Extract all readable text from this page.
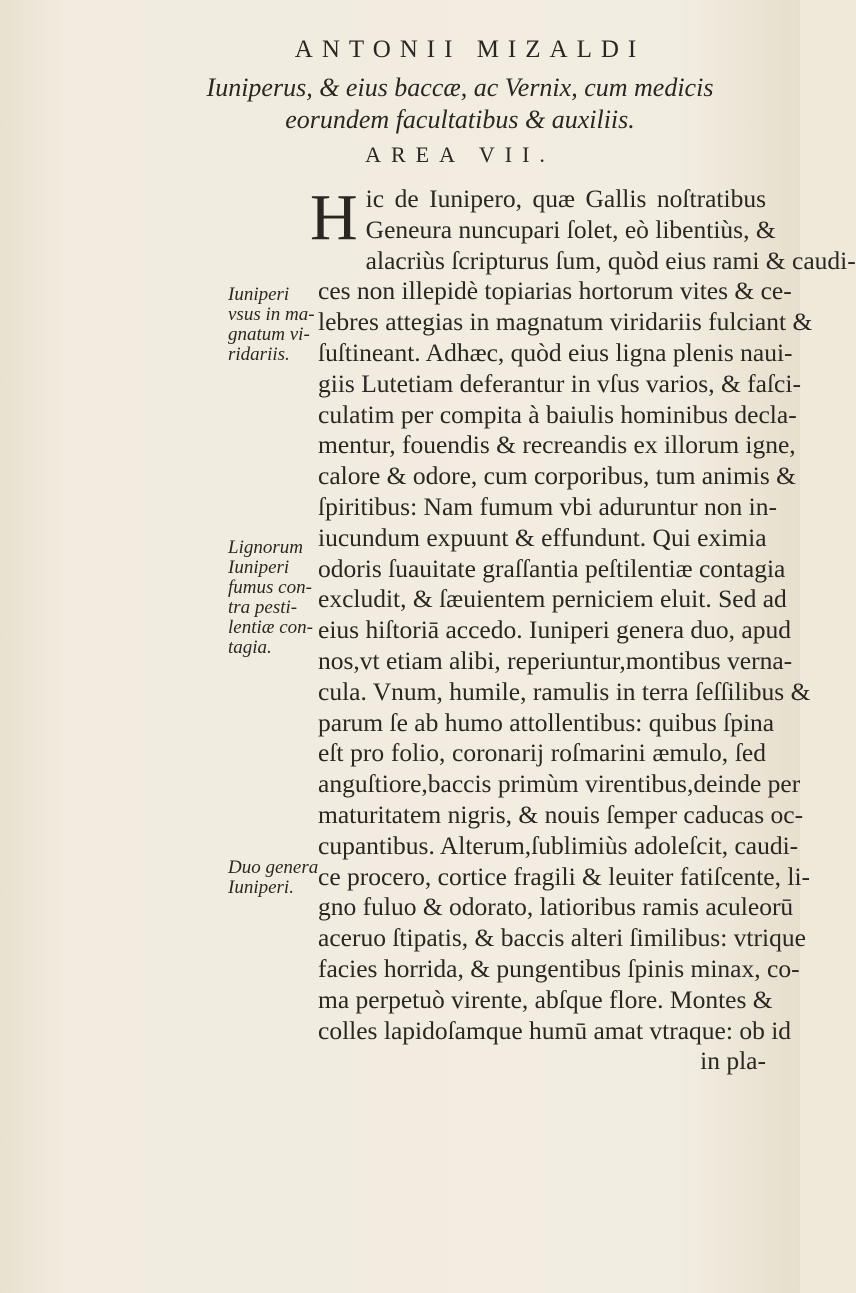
ANTONII MIZALDI
Iuniperus, & eius baccæ, ac Vernix, cum medicis
eorundem facultatibus & auxiliis.
AREA VII.
Iuniperi
vsus in ma-
gnatum vi-
ridariis.
Lignorum
Iuniperi
fumus con-
tra pesti-
lentiæ con-
tagia.
Duo genera
Iuniperi.
H ic de Iunipero, quæ Gallis noſtratibus
Geneura nuncupari ſolet, eò libentiùs, &
alacriùs ſcripturus ſum, quòd eius rami & caudi-
ces non illepidè topiarias hortorum vites & ce-
lebres attegias in magnatum viridariis fulciant &
ſuſtineant. Adhæc, quòd eius ligna plenis naui-
giis Lutetiam deferantur in vſus varios, & faſci-
culatim per compita à baiulis hominibus decla-
mentur, fouendis & recreandis ex illorum igne,
calore & odore, cum corporibus, tum animis &
ſpiritibus: Nam fumum vbi aduruntur non in-
iucundum expuunt & effundunt. Qui eximia
odoris ſuauitate graſſantia peſtilentiæ contagia
excludit, & ſæuientem perniciem eluit. Sed ad
eius hiſtoriā accedo. Iuniperi genera duo, apud
nos,vt etiam alibi, reperiuntur,montibus verna-
cula. Vnum, humile, ramulis in terra ſeſſilibus &
parum ſe ab humo attollentibus: quibus ſpina
eſt pro folio, coronarij roſmarini æmulo, ſed
anguſtiore,baccis primùm virentibus,deinde per
maturitatem nigris, & nouis ſemper caducas oc-
cupantibus. Alterum,ſublimiùs adoleſcit, caudi-
ce procero, cortice fragili & leuiter fatiſcente, li-
gno fuluo & odorato, latioribus ramis aculeorū
aceruo ſtipatis, & baccis alteri ſimilibus: vtrique
facies horrida, & pungentibus ſpinis minax, co-
ma perpetuò virente, abſque flore. Montes &
colles lapidoſamque humū amat vtraque: ob id
in pla-
